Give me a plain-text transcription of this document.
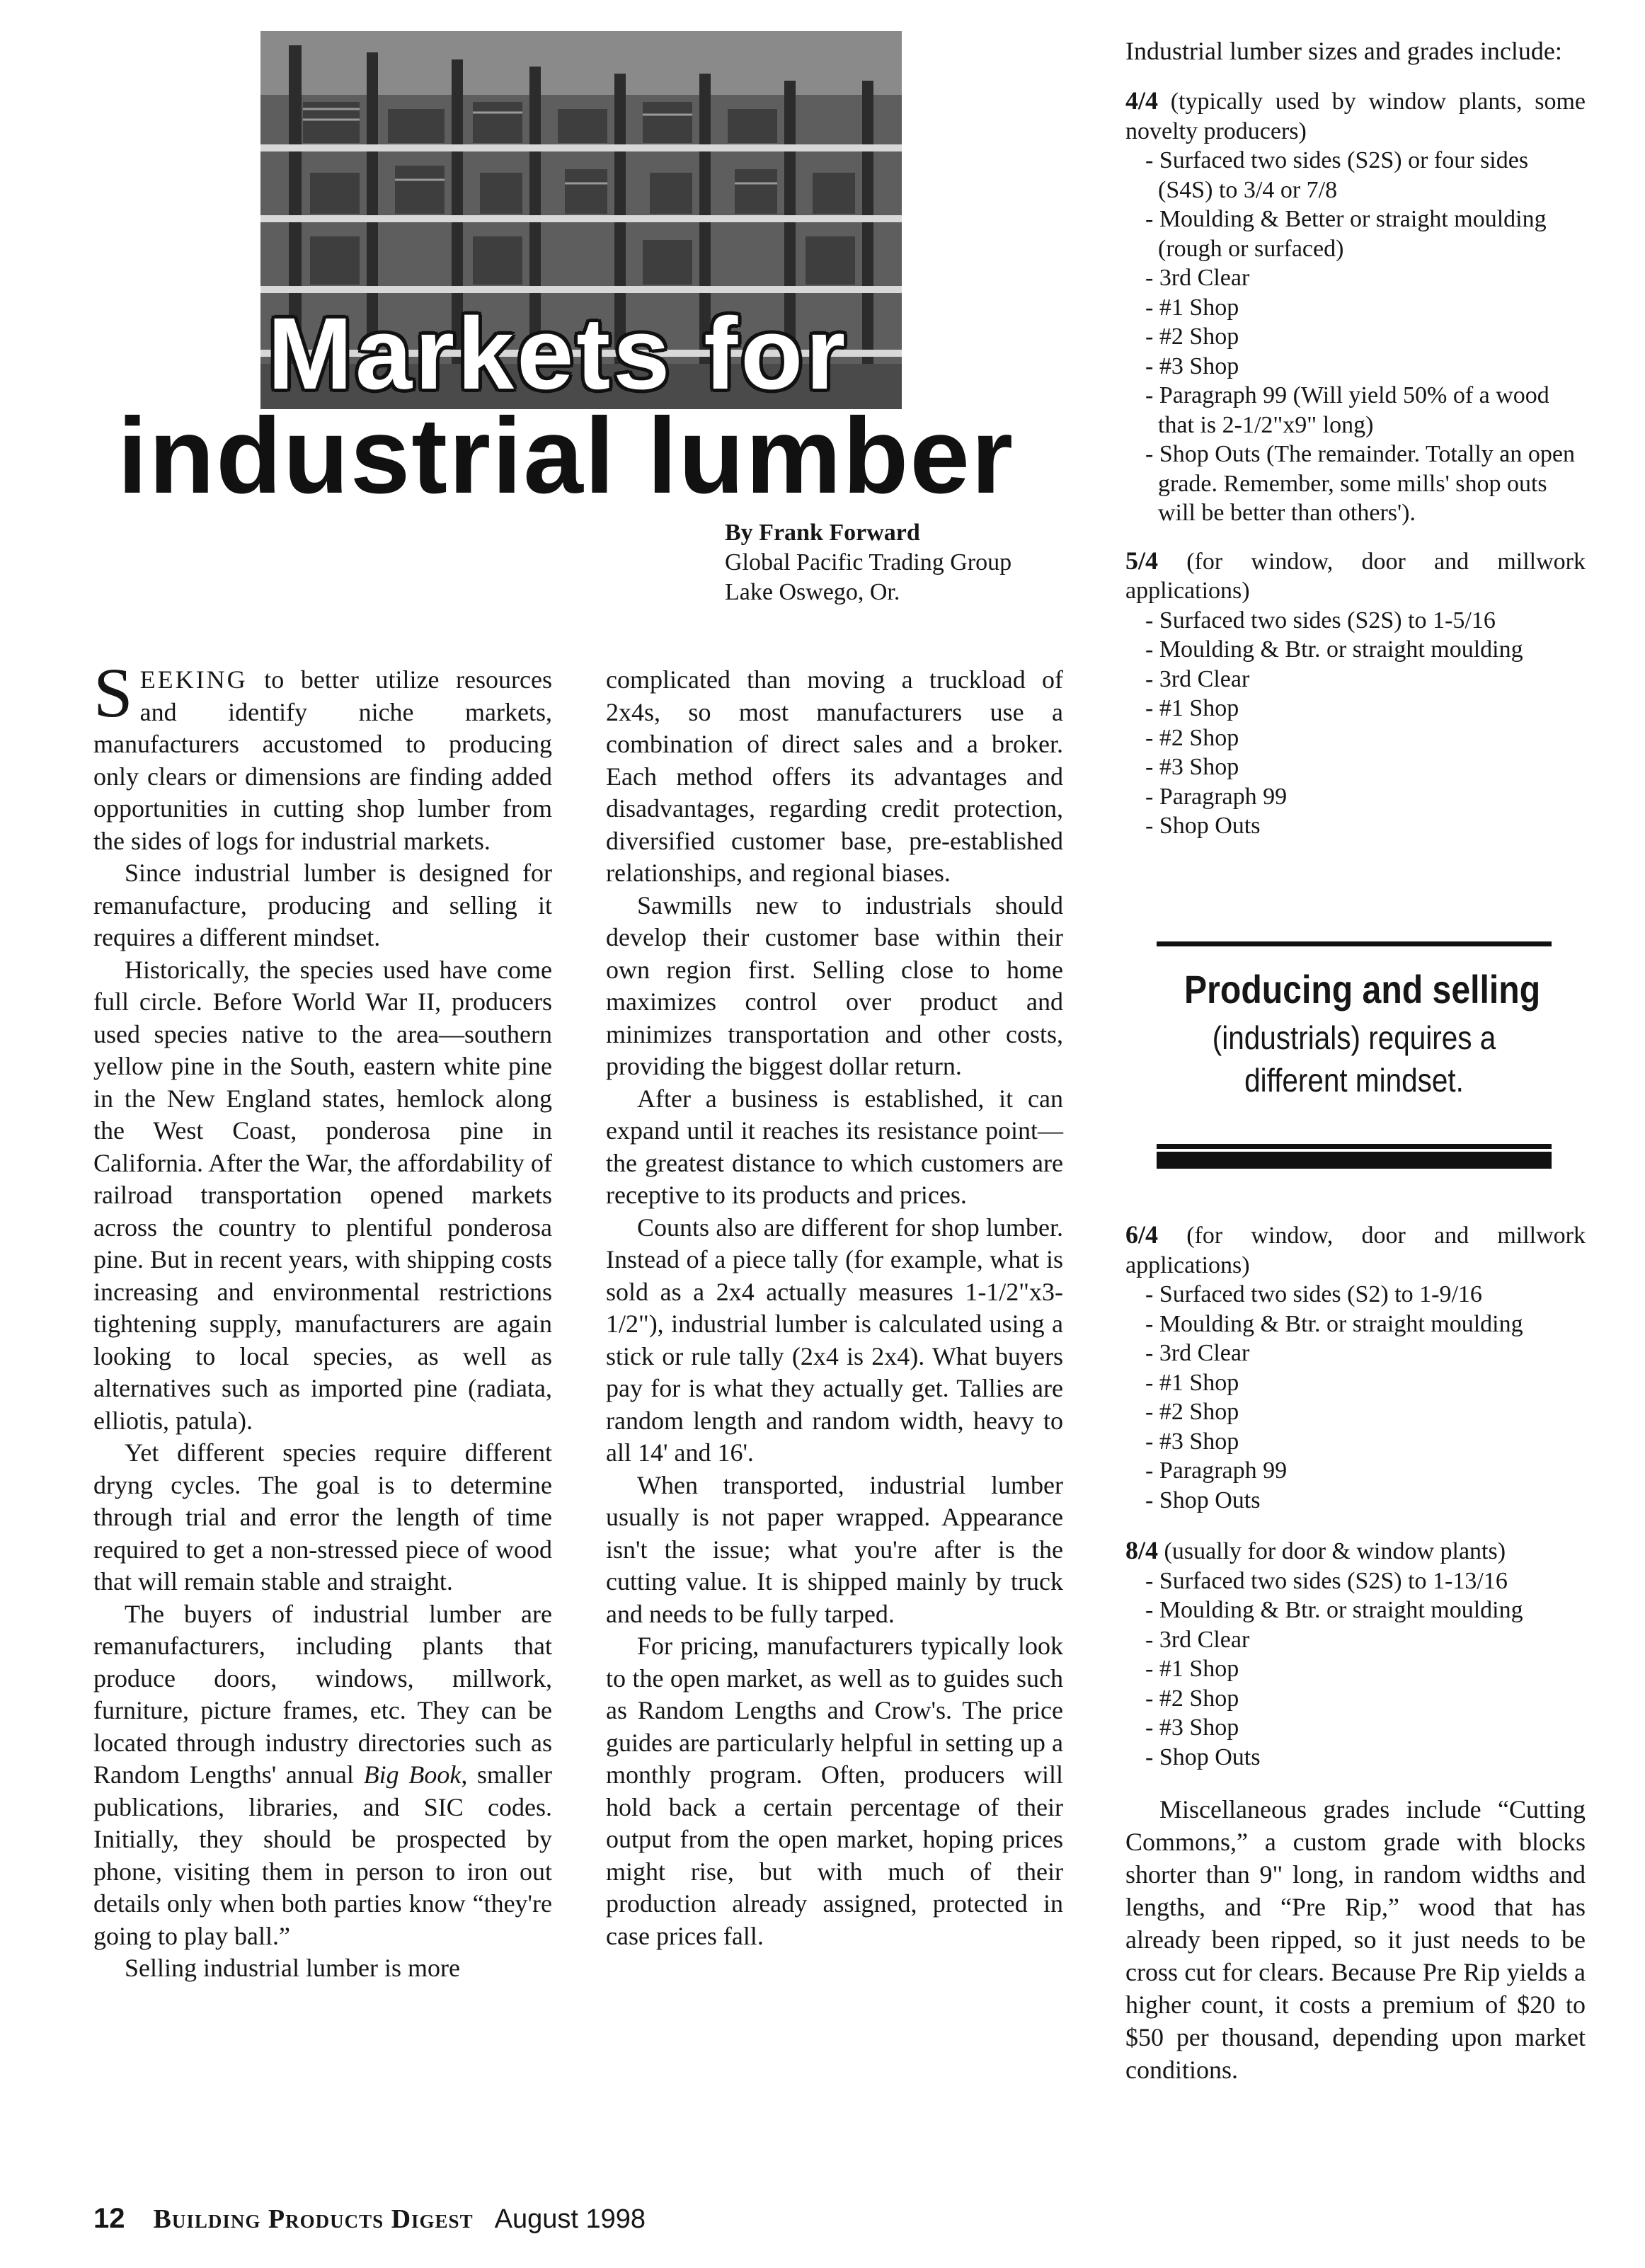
Markets for
industrial lumber
By Frank Forward
Global Pacific Trading Group
Lake Oswego, Or.

SEEKING to better utilize resources and identify niche markets, manufacturers accustomed to producing only clears or dimensions are finding added opportunities in cutting shop lumber from the sides of logs for industrial markets.

Since industrial lumber is designed for remanufacture, producing and selling it requires a different mindset.

Historically, the species used have come full circle. Before World War II, producers used species native to the area—southern yellow pine in the South, eastern white pine in the New England states, hemlock along the West Coast, ponderosa pine in California. After the War, the affordability of railroad transportation opened markets across the country to plentiful ponderosa pine. But in recent years, with shipping costs increasing and environmental restrictions tightening supply, manufacturers are again looking to local species, as well as alternatives such as imported pine (radiata, elliotis, patula).

Yet different species require different dryng cycles. The goal is to determine through trial and error the length of time required to get a non-stressed piece of wood that will remain stable and straight.

The buyers of industrial lumber are remanufacturers, including plants that produce doors, windows, millwork, furniture, picture frames, etc. They can be located through industry directories such as Random Lengths' annual Big Book, smaller publications, libraries, and SIC codes. Initially, they should be prospected by phone, visiting them in person to iron out details only when both parties know “they're going to play ball.”

Selling industrial lumber is more

complicated than moving a truckload of 2x4s, so most manufacturers use a combination of direct sales and a broker. Each method offers its advantages and disadvantages, regarding credit protection, diversified customer base, pre-established relationships, and regional biases.

Sawmills new to industrials should develop their customer base within their own region first. Selling close to home maximizes control over product and minimizes transportation and other costs, providing the biggest dollar return.

After a business is established, it can expand until it reaches its resistance point—the greatest distance to which customers are receptive to its products and prices.

Counts also are different for shop lumber. Instead of a piece tally (for example, what is sold as a 2x4 actually measures 1-1/2"x3-1/2"), industrial lumber is calculated using a stick or rule tally (2x4 is 2x4). What buyers pay for is what they actually get. Tallies are random length and random width, heavy to all 14' and 16'.

When transported, industrial lumber usually is not paper wrapped. Appearance isn't the issue; what you're after is the cutting value. It is shipped mainly by truck and needs to be fully tarped.

For pricing, manufacturers typically look to the open market, as well as to guides such as Random Lengths and Crow's. The price guides are particularly helpful in setting up a monthly program. Often, producers will hold back a certain percentage of their output from the open market, hoping prices might rise, but with much of their production already assigned, protected in case prices fall.

Industrial lumber sizes and grades include:

4/4 (typically used by window plants, some novelty producers)

- Surfaced two sides (S2S) or four sides (S4S) to 3/4 or 7/8

- Moulding & Better or straight moulding (rough or surfaced)

- 3rd Clear

- #1 Shop

- #2 Shop

- #3 Shop

- Paragraph 99 (Will yield 50% of a wood that is 2-1/2"x9" long)

- Shop Outs (The remainder. Totally an open grade. Remember, some mills' shop outs will be better than others').

5/4 (for window, door and millwork applications)

- Surfaced two sides (S2S) to 1-5/16

- Moulding & Btr. or straight moulding

- 3rd Clear

- #1 Shop

- #2 Shop

- #3 Shop

- Paragraph 99

- Shop Outs

Producing and selling
(industrials) requires a
different mindset.

6/4 (for window, door and millwork applications)

- Surfaced two sides (S2) to 1-9/16

- Moulding & Btr. or straight moulding

- 3rd Clear

- #1 Shop

- #2 Shop

- #3 Shop

- Paragraph 99

- Shop Outs

8/4 (usually for door & window plants)

- Surfaced two sides (S2S) to 1-13/16

- Moulding & Btr. or straight moulding

- 3rd Clear

- #1 Shop

- #2 Shop

- #3 Shop

- Shop Outs

Miscellaneous grades include “Cutting Commons,” a custom grade with blocks shorter than 9" long, in random widths and lengths, and “Pre Rip,” wood that has already been ripped, so it just needs to be cross cut for clears. Because Pre Rip yields a higher count, it costs a premium of $20 to $50 per thousand, depending upon market conditions.

12 Building Products Digest August 1998
